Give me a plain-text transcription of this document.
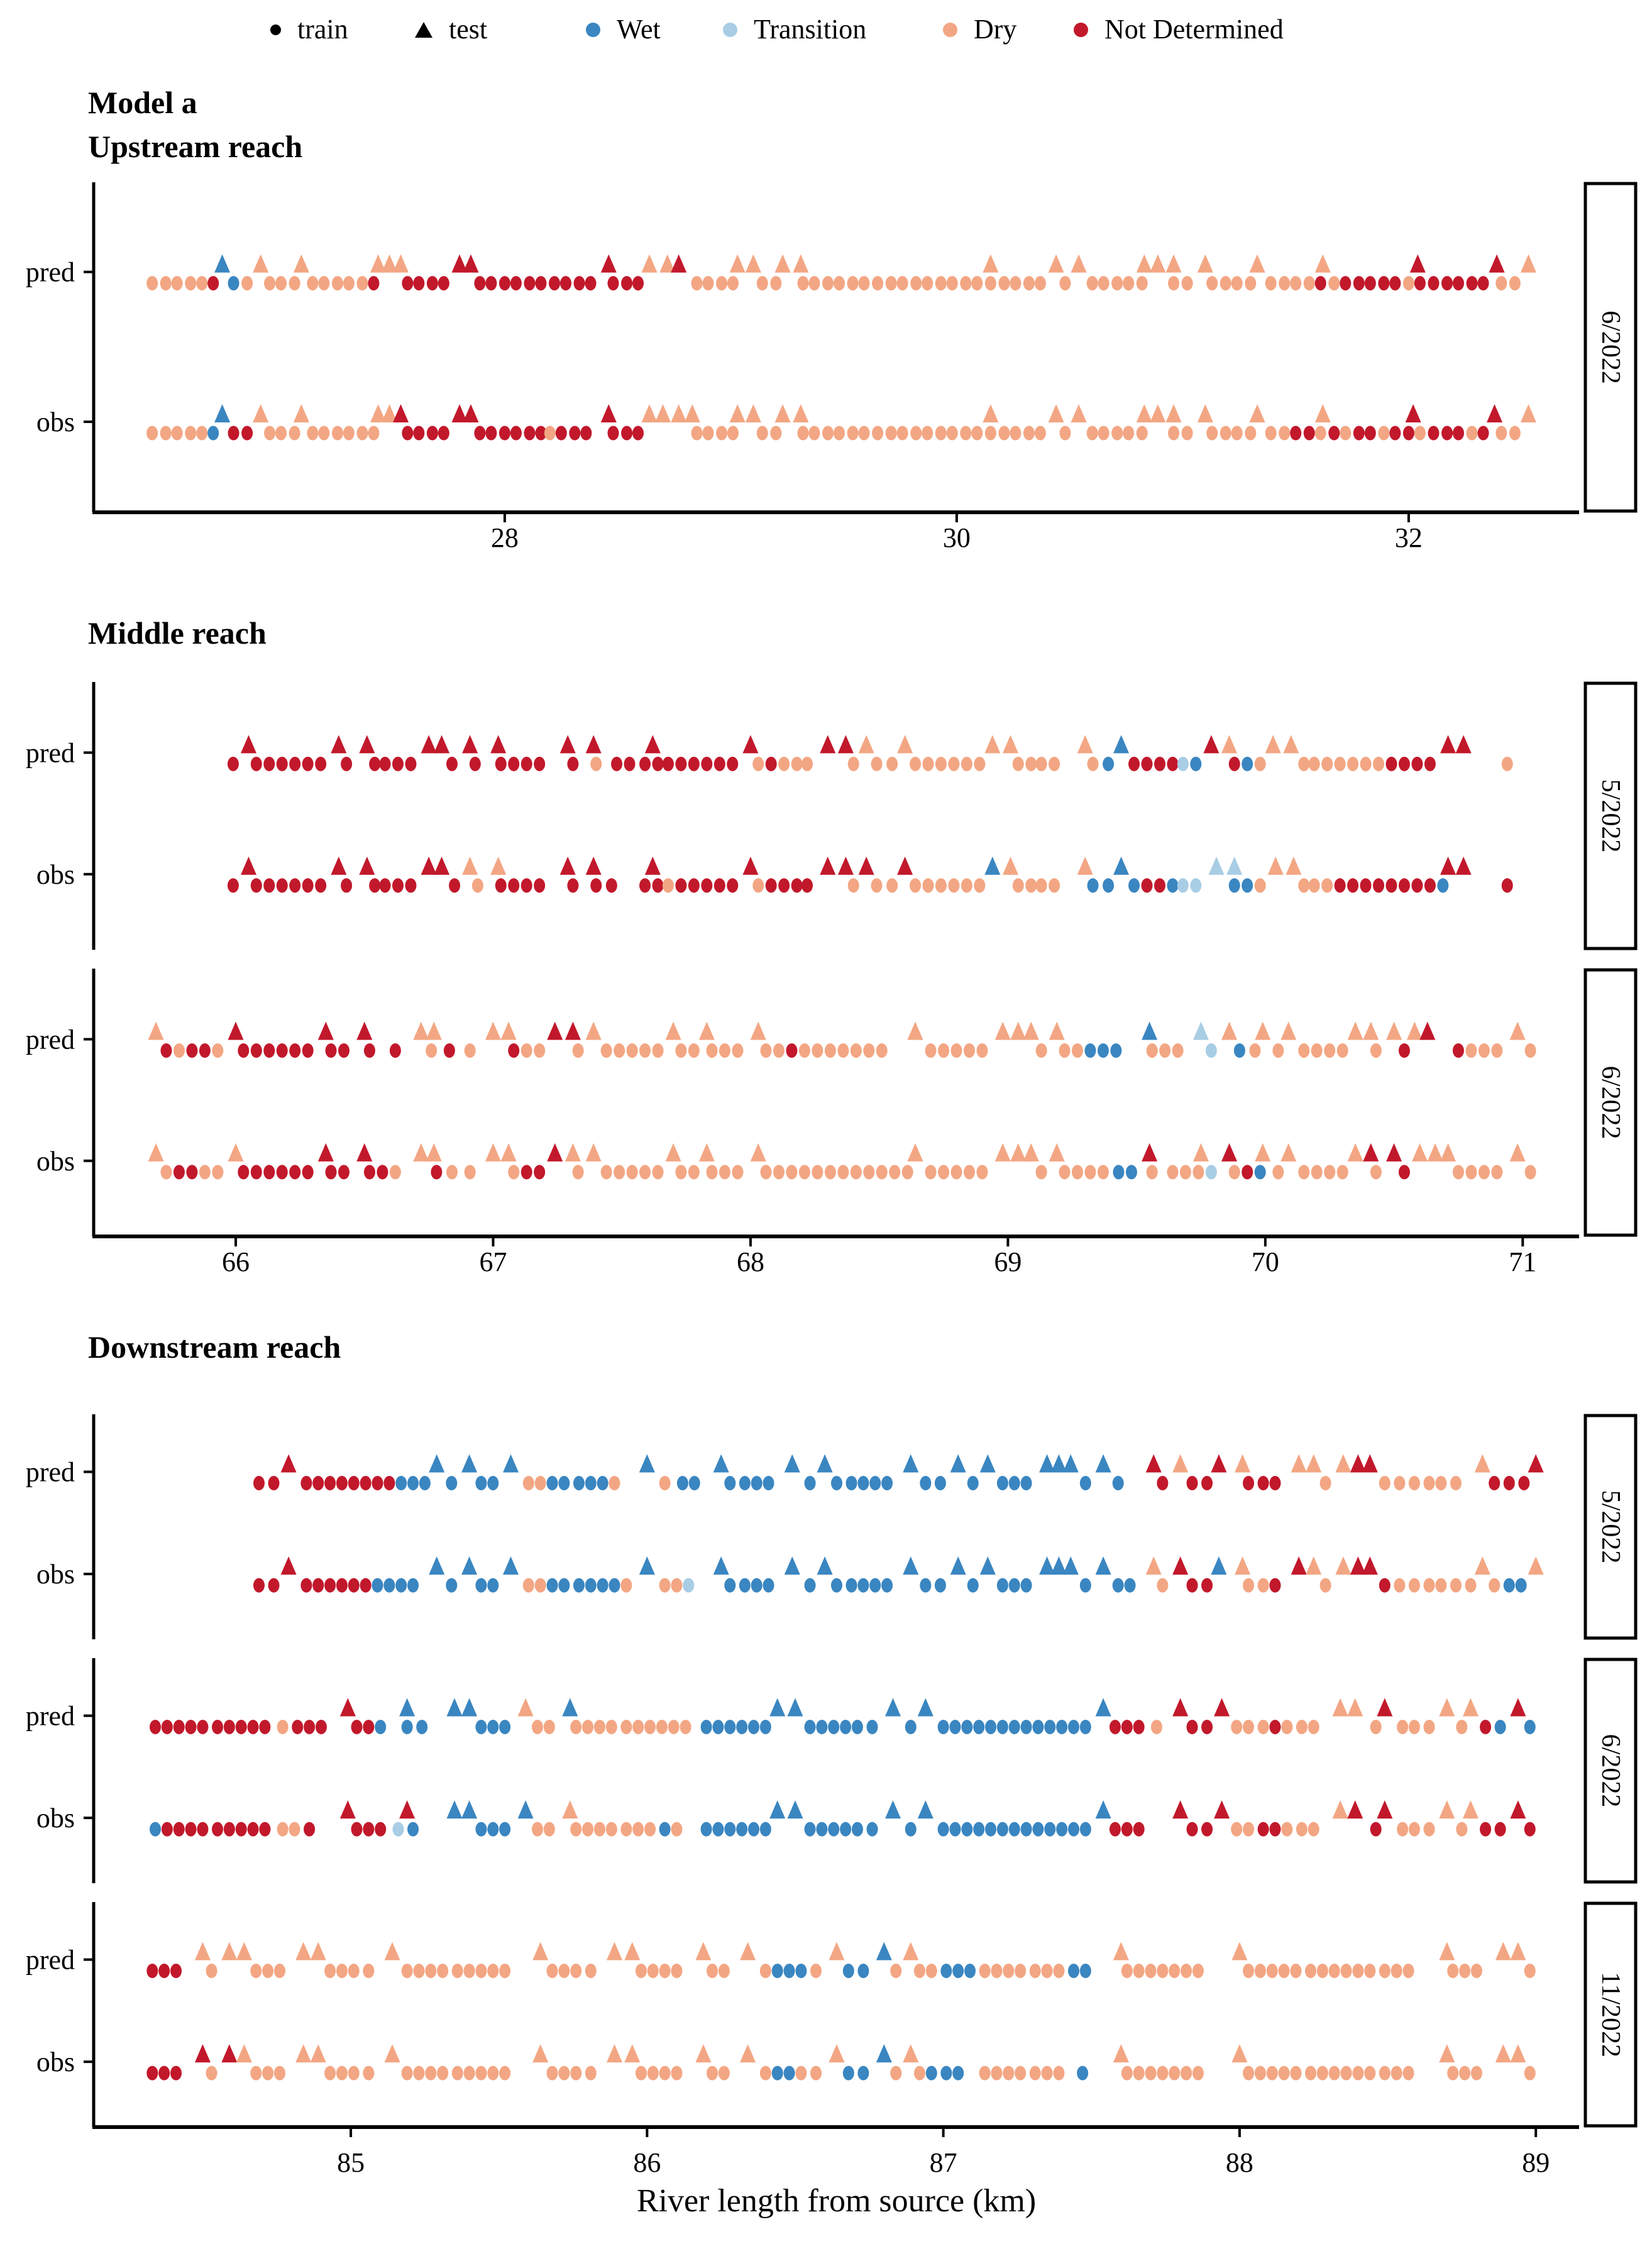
6/2022
pred
obs
28	30	32
5/2022
pred
obs
6/2022
pred
obs
66	67	68	69	70	71
5/2022
pred
obs
6/2022
pred
obs
11/2022
pred
obs
85	86	87	88	89
train	test	Wet	Transition	Dry	Not Determined
Model a
Upstream reach
Middle reach
Downstream reach
River length from source (km)
